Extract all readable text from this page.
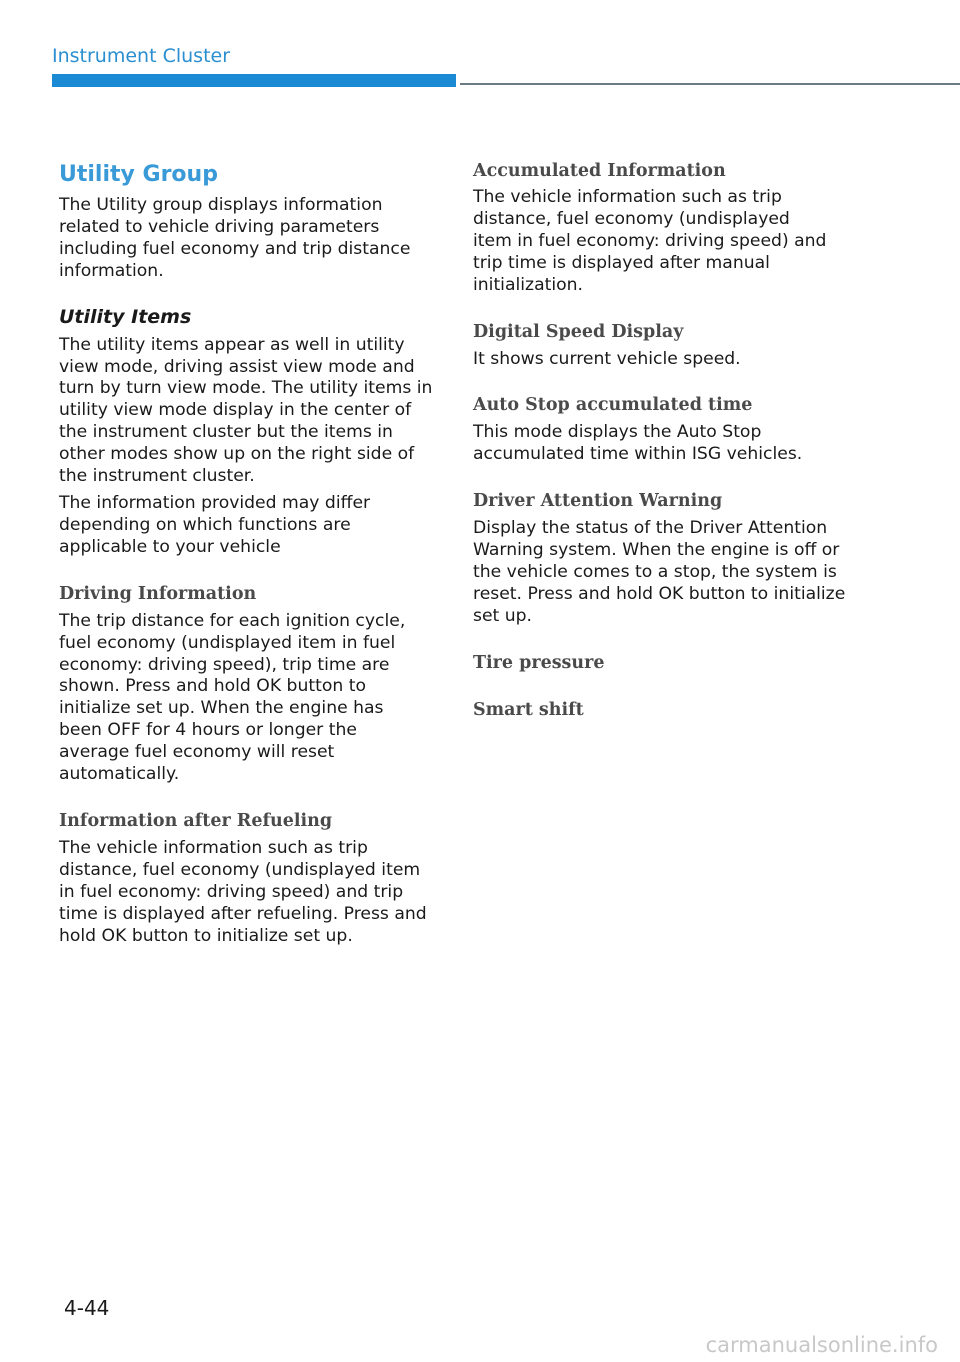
Instrument Cluster
Utility Group

The Utility group displays information related to vehicle driving parameters including fuel economy and trip distance information.

Utility Items

The utility items appear as well in utility view mode, driving assist view mode and turn by turn view mode. The utility items in utility view mode display in the center of the instrument cluster but the items in other modes show up on the right side of the instrument cluster.

The information provided may differ depending on which functions are applicable to your vehicle

Driving Information

The trip distance for each ignition cycle, fuel economy (undisplayed item in fuel economy: driving speed), trip time are shown. Press and hold OK button to initialize set up. When the engine has been OFF for 4 hours or longer the average fuel economy will reset automatically.

Information after Refueling

The vehicle information such as trip distance, fuel economy (undisplayed item in fuel economy: driving speed) and trip time is displayed after refueling. Press and hold OK button to initialize set up.

Accumulated Information

The vehicle information such as trip distance, fuel economy (undisplayed item in fuel economy: driving speed) and trip time is displayed after manual initialization.

Digital Speed Display

It shows current vehicle speed.

Auto Stop accumulated time

This mode displays the Auto Stop accumulated time within ISG vehicles.

Driver Attention Warning

Display the status of the Driver Attention Warning system. When the engine is off or the vehicle comes to a stop, the system is reset. Press and hold OK button to initialize set up.

Tire pressure
Smart shift
4-44
carmanualsonline.info
